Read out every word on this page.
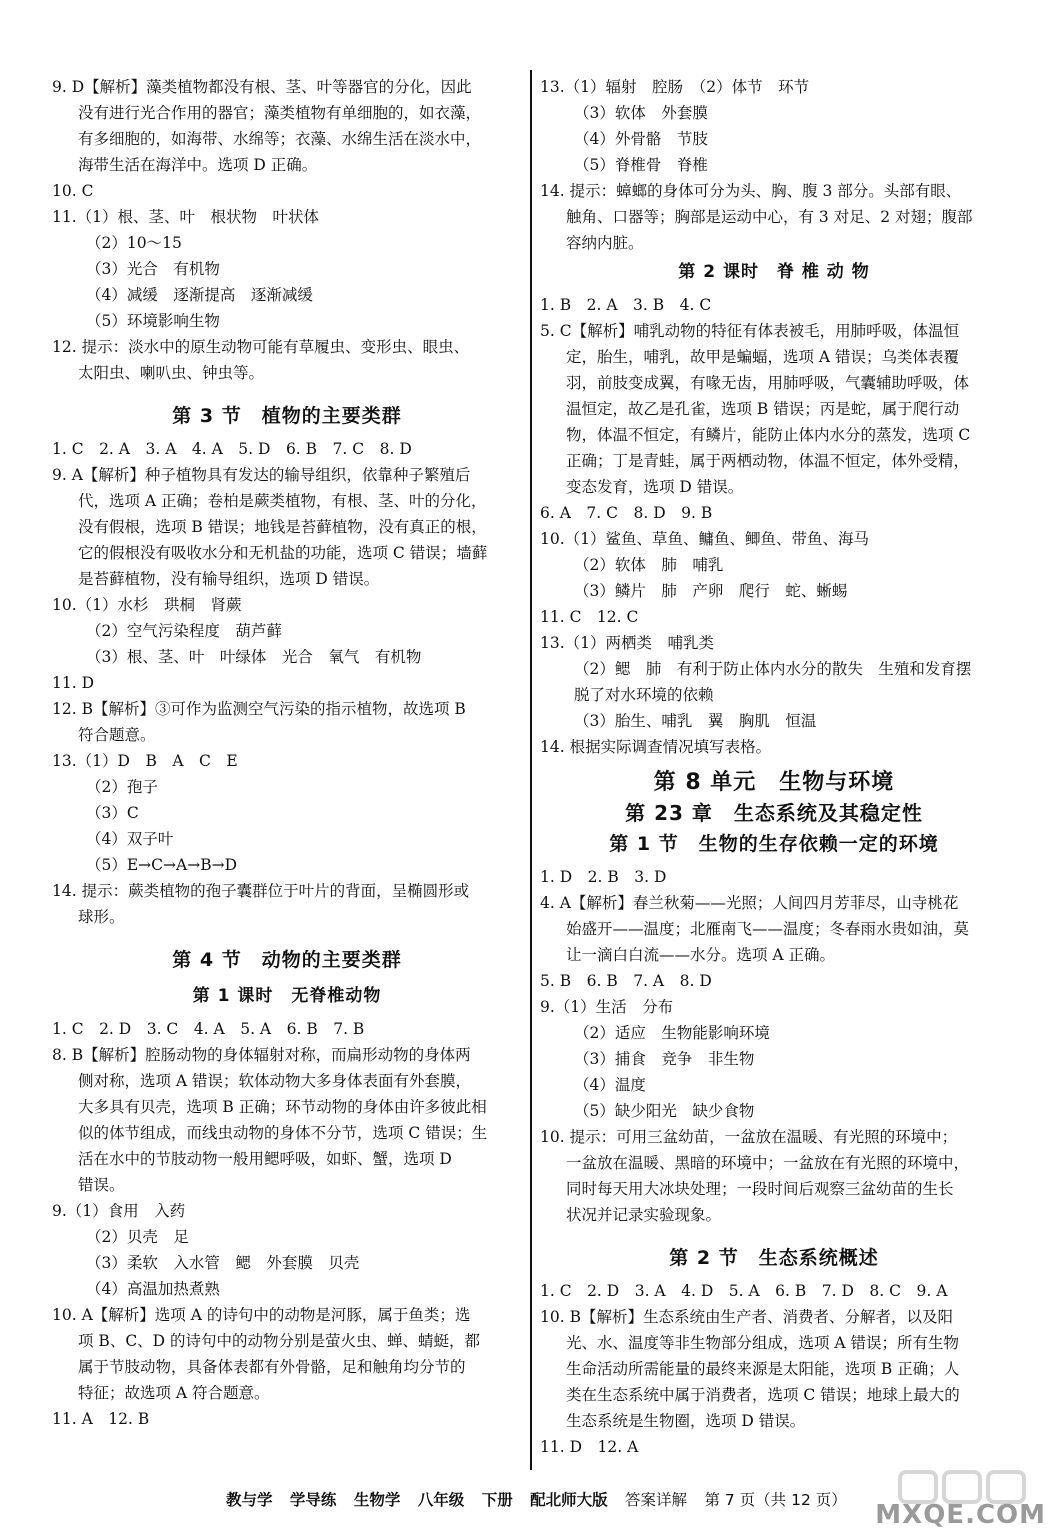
9. D【解析】藻类植物都没有根、茎、叶等器官的分化，因此
没有进行光合作用的器官；藻类植物有单细胞的，如衣藻，
有多细胞的，如海带、水绵等；衣藻、水绵生活在淡水中，
海带生活在海洋中。选项 D 正确。
10. C
11.（1）根、茎、叶　根状物　叶状体
（2）10～15
（3）光合　有机物
（4）减缓　逐渐提高　逐渐减缓
（5）环境影响生物
12. 提示：淡水中的原生动物可能有草履虫、变形虫、眼虫、
太阳虫、喇叭虫、钟虫等。
第 3 节　植物的主要类群
1. C　2. A　3. A　4. A　5. D　6. B　7. C　8. D
9. A【解析】种子植物具有发达的输导组织，依靠种子繁殖后
代，选项 A 正确；卷柏是蕨类植物，有根、茎、叶的分化，
没有假根，选项 B 错误；地钱是苔藓植物，没有真正的根，
它的假根没有吸收水分和无机盐的功能，选项 C 错误；墙藓
是苔藓植物，没有输导组织，选项 D 错误。
10.（1）水杉　珙桐　肾蕨
（2）空气污染程度　葫芦藓
（3）根、茎、叶　叶绿体　光合　氧气　有机物
11. D
12. B【解析】③可作为监测空气污染的指示植物，故选项 B
符合题意。
13.（1）D　B　A　C　E
（2）孢子
（3）C
（4）双子叶
（5）E→C→A→B→D
14. 提示：蕨类植物的孢子囊群位于叶片的背面，呈椭圆形或
球形。
第 4 节　动物的主要类群
第 1 课时　无脊椎动物
1. C　2. D　3. C　4. A　5. A　6. B　7. B
8. B【解析】腔肠动物的身体辐射对称，而扁形动物的身体两
侧对称，选项 A 错误；软体动物大多身体表面有外套膜，
大多具有贝壳，选项 B 正确；环节动物的身体由许多彼此相
似的体节组成，而线虫动物的身体不分节，选项 C 错误；生
活在水中的节肢动物一般用鳃呼吸，如虾、蟹，选项 D
错误。
9.（1）食用　入药
（2）贝壳　足
（3）柔软　入水管　鳃　外套膜　贝壳
（4）高温加热煮熟
10. A【解析】选项 A 的诗句中的动物是河豚，属于鱼类；选
项 B、C、D 的诗句中的动物分别是萤火虫、蝉、蜻蜓，都
属于节肢动物，具备体表都有外骨骼，足和触角均分节的
特征；故选项 A 符合题意。
11. A　12. B
13.（1）辐射　腔肠　（2）体节　环节
（3）软体　外套膜
（4）外骨骼　节肢
（5）脊椎骨　脊椎
14. 提示：蟑螂的身体可分为头、胸、腹 3 部分。头部有眼、
触角、口器等；胸部是运动中心，有 3 对足、2 对翅；腹部
容纳内脏。
第 2 课时　脊 椎 动 物
1. B　2. A　3. B　4. C
5. C【解析】哺乳动物的特征有体表被毛，用肺呼吸，体温恒
定，胎生，哺乳，故甲是蝙蝠，选项 A 错误；乌类体表覆
羽，前肢变成翼，有喙无齿，用肺呼吸，气囊辅助呼吸，体
温恒定，故乙是孔雀，选项 B 错误；丙是蛇，属于爬行动
物，体温不恒定，有鳞片，能防止体内水分的蒸发，选项 C
正确；丁是青蛙，属于两栖动物，体温不恒定，体外受精，
变态发育，选项 D 错误。
6. A　7. C　8. D　9. B
10.（1）鲨鱼、草鱼、鳙鱼、鲫鱼、带鱼、海马
（2）软体　肺　哺乳
（3）鳞片　肺　产卵　爬行　蛇、蜥蜴
11. C　12. C
13.（1）两栖类　哺乳类
（2）鳃　肺　有利于防止体内水分的散失　生殖和发育摆
脱了对水环境的依赖
（3）胎生、哺乳　翼　胸肌　恒温
14. 根据实际调查情况填写表格。
第 8 单元　生物与环境
第 23 章　生态系统及其稳定性
第 1 节　生物的生存依赖一定的环境
1. D　2. B　3. D
4. A【解析】春兰秋菊——光照；人间四月芳菲尽，山寺桃花
始盛开——温度；北雁南飞——温度；冬春雨水贵如油，莫
让一滴白白流——水分。选项 A 正确。
5. B　6. B　7. A　8. D
9.（1）生活　分布
（2）适应　生物能影响环境
（3）捕食　竞争　非生物
（4）温度
（5）缺少阳光　缺少食物
10. 提示：可用三盆幼苗，一盆放在温暖、有光照的环境中；
一盆放在温暖、黑暗的环境中；一盆放在有光照的环境中，
同时每天用大冰块处理；一段时间后观察三盆幼苗的生长
状况并记录实验现象。
第 2 节　生态系统概述
1. C　2. D　3. A　4. D　5. A　6. B　7. D　8. C　9. A
10. B【解析】生态系统由生产者、消费者、分解者，以及阳
光、水、温度等非生物部分组成，选项 A 错误；所有生物
生命活动所需能量的最终来源是太阳能，选项 B 正确；人
类在生态系统中属于消费者，选项 C 错误；地球上最大的
生态系统是生物圈，选项 D 错误。
11. D　12. A
教与学 学导练 生物学 八年级 下册 配北师大版 答案详解 第 7 页（共 12 页）	MXQE.COM
